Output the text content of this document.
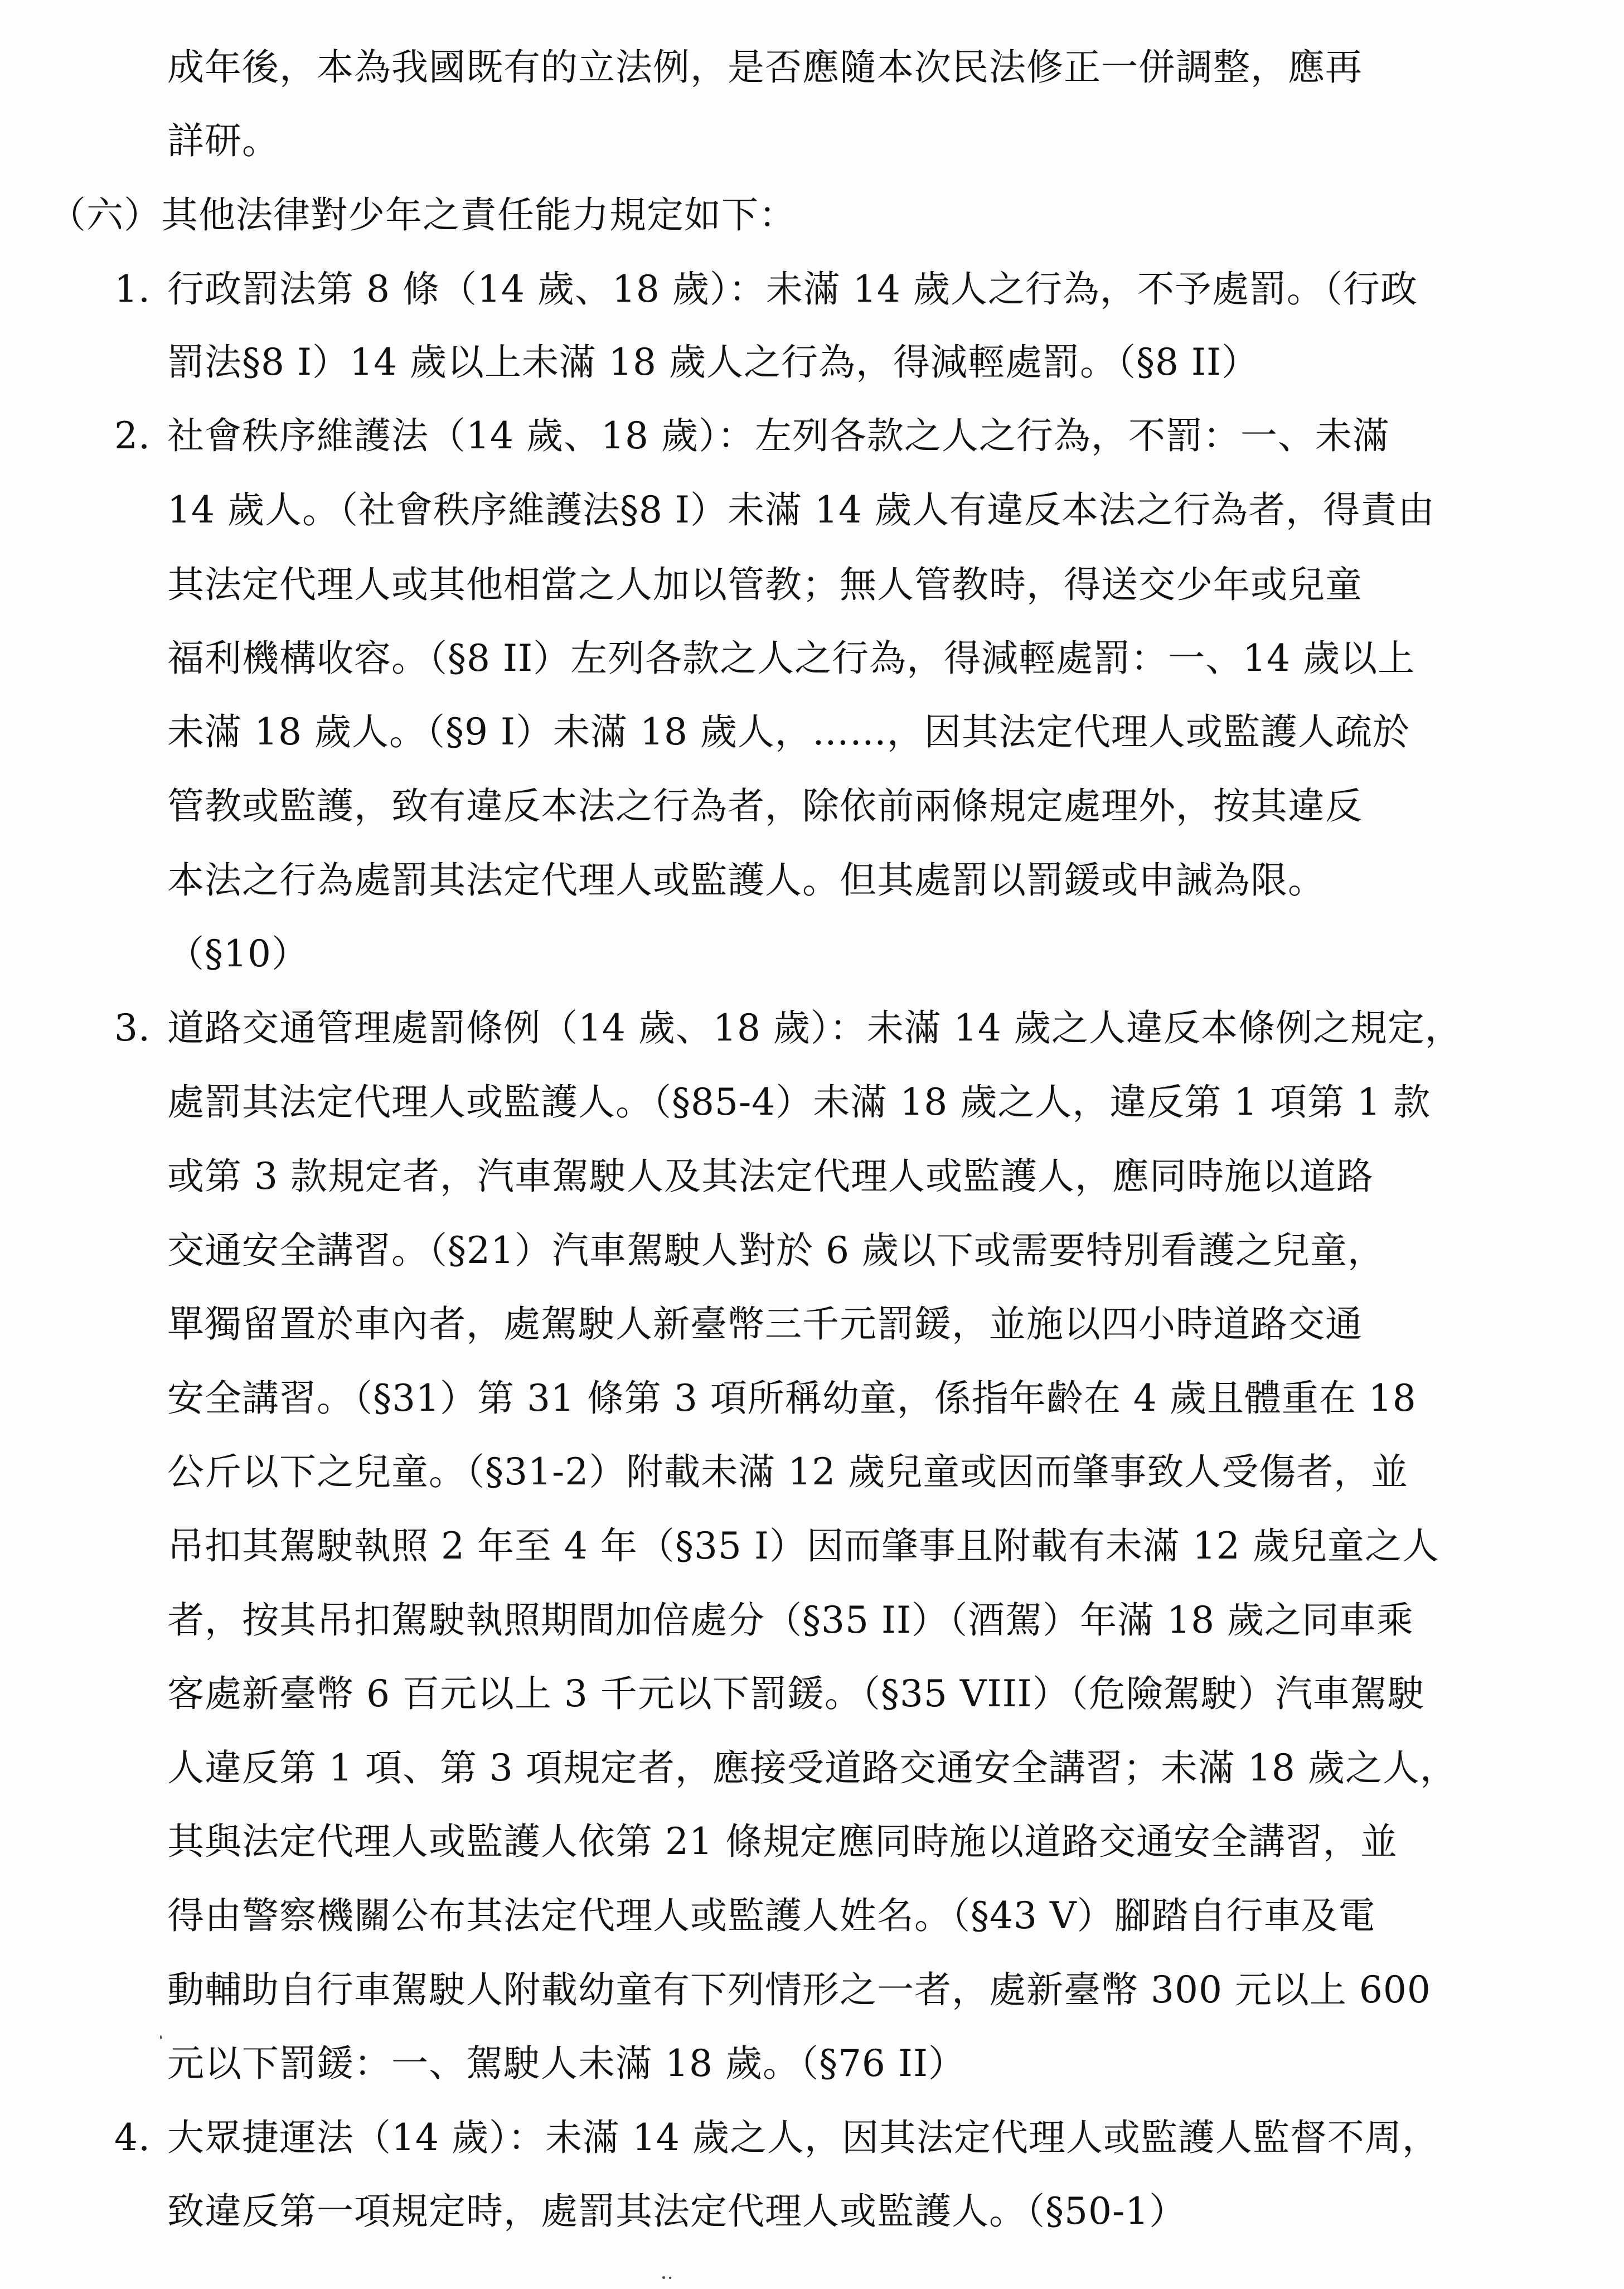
成年後，本為我國既有的立法例，是否應隨本次民法修正一併調整，應再
詳研。
（六）其他法律對少年之責任能力規定如下：
1. 行政罰法第 8 條（14 歲、18 歲）：未滿 14 歲人之行為，不予處罰。（行政
罰法§8 I）14 歲以上未滿 18 歲人之行為，得減輕處罰。（§8 II）
2. 社會秩序維護法（14 歲、18 歲）：左列各款之人之行為，不罰：一、未滿
14 歲人。（社會秩序維護法§8 I）未滿 14 歲人有違反本法之行為者，得責由
其法定代理人或其他相當之人加以管教；無人管教時，得送交少年或兒童
福利機構收容。（§8 II）左列各款之人之行為，得減輕處罰：一、14 歲以上
未滿 18 歲人。（§9 I）未滿 18 歲人，……，因其法定代理人或監護人疏於
管教或監護，致有違反本法之行為者，除依前兩條規定處理外，按其違反
本法之行為處罰其法定代理人或監護人。但其處罰以罰鍰或申誡為限。
（§10）
3. 道路交通管理處罰條例（14 歲、18 歲）：未滿 14 歲之人違反本條例之規定，
處罰其法定代理人或監護人。（§85-4）未滿 18 歲之人，違反第 1 項第 1 款
或第 3 款規定者，汽車駕駛人及其法定代理人或監護人，應同時施以道路
交通安全講習。（§21）汽車駕駛人對於 6 歲以下或需要特別看護之兒童，
單獨留置於車內者，處駕駛人新臺幣三千元罰鍰，並施以四小時道路交通
安全講習。（§31）第 31 條第 3 項所稱幼童，係指年齡在 4 歲且體重在 18
公斤以下之兒童。（§31-2）附載未滿 12 歲兒童或因而肇事致人受傷者，並
吊扣其駕駛執照 2 年至 4 年（§35 I）因而肇事且附載有未滿 12 歲兒童之人
者，按其吊扣駕駛執照期間加倍處分（§35 II）（酒駕）年滿 18 歲之同車乘
客處新臺幣 6 百元以上 3 千元以下罰鍰。（§35 VIII）（危險駕駛）汽車駕駛
人違反第 1 項、第 3 項規定者，應接受道路交通安全講習；未滿 18 歲之人，
其與法定代理人或監護人依第 21 條規定應同時施以道路交通安全講習，並
得由警察機關公布其法定代理人或監護人姓名。（§43 V）腳踏自行車及電
動輔助自行車駕駛人附載幼童有下列情形之一者，處新臺幣 300 元以上 600
元以下罰鍰：一、駕駛人未滿 18 歲。（§76 II）
4. 大眾捷運法（14 歲）：未滿 14 歲之人，因其法定代理人或監護人監督不周，
致違反第一項規定時，處罰其法定代理人或監護人。（§50-1）
